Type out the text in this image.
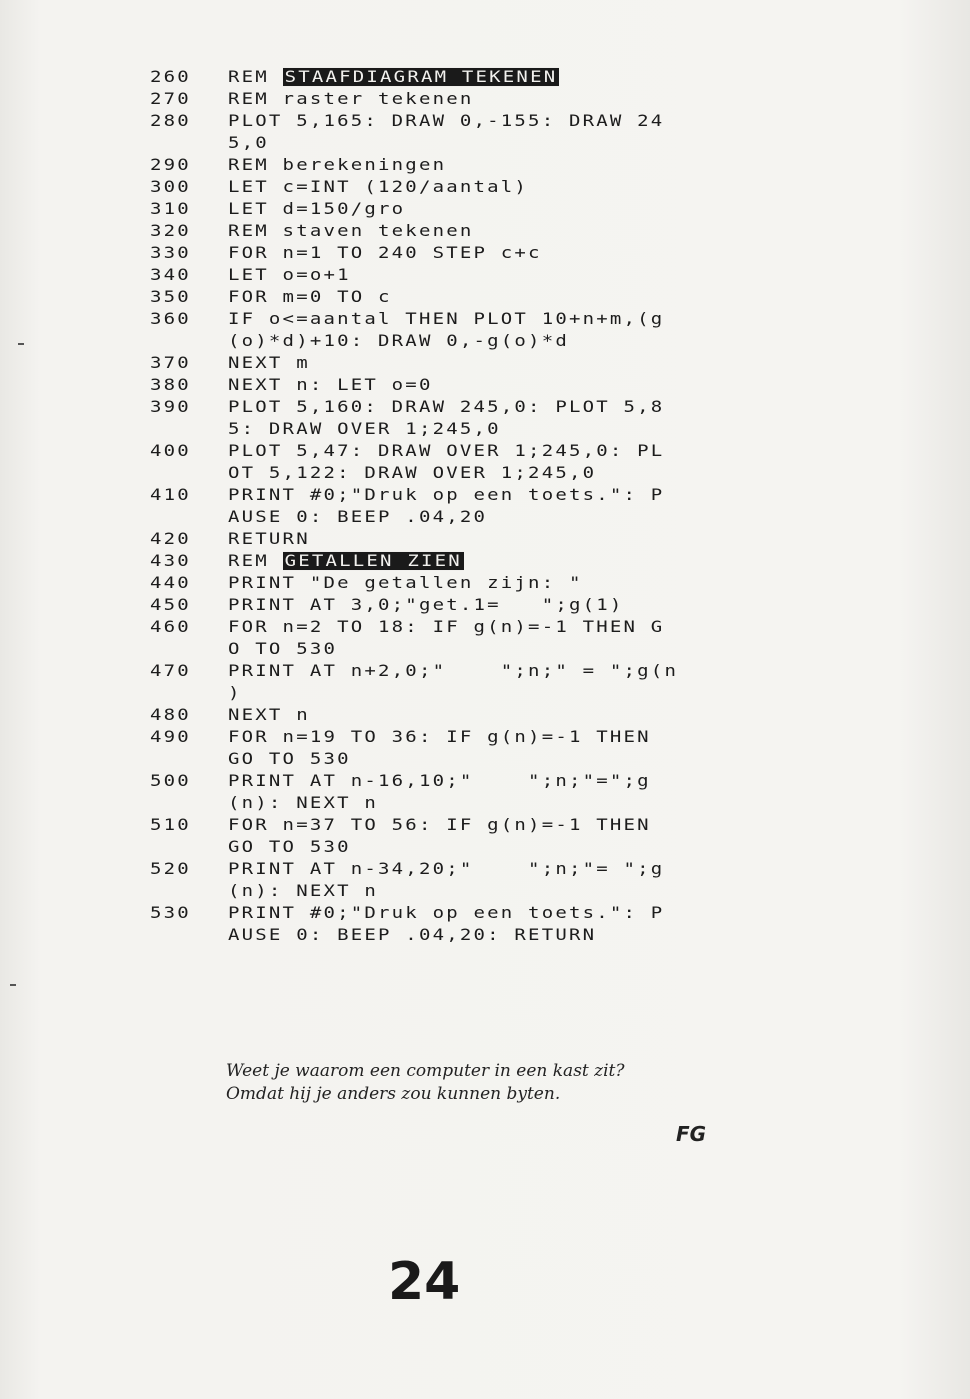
260 REM STAAFDIAGRAM TEKENEN
270 REM raster tekenen
280 PLOT 5,165: DRAW 0,-155: DRAW 24
5,0
290 REM berekeningen
300 LET c=INT (120/aantal)
310 LET d=150/gro
320 REM staven tekenen
330 FOR n=1 TO 240 STEP c+c
340 LET o=o+1
350 FOR m=0 TO c
360 IF o<=aantal THEN PLOT 10+n+m,(g
(o)*d)+10: DRAW 0,-g(o)*d
370 NEXT m
380 NEXT n: LET o=0
390 PLOT 5,160: DRAW 245,0: PLOT 5,8
5: DRAW OVER 1;245,0
400 PLOT 5,47: DRAW OVER 1;245,0: PL
OT 5,122: DRAW OVER 1;245,0
410 PRINT #0;"Druk op een toets.": P
AUSE 0: BEEP .04,20
420 RETURN
430 REM GETALLEN ZIEN
440 PRINT "De getallen zijn: "
450 PRINT AT 3,0;"get.1=   ";g(1)
460 FOR n=2 TO 18: IF g(n)=-1 THEN G
O TO 530
470 PRINT AT n+2,0;"    ";n;" = ";g(n
)
480 NEXT n
490 FOR n=19 TO 36: IF g(n)=-1 THEN
GO TO 530
500 PRINT AT n-16,10;"    ";n;"=";g
(n): NEXT n
510 FOR n=37 TO 56: IF g(n)=-1 THEN
GO TO 530
520 PRINT AT n-34,20;"    ";n;"= ";g
(n): NEXT n
530 PRINT #0;"Druk op een toets.": P
AUSE 0: BEEP .04,20: RETURN
Weet je waarom een computer in een kast zit?
Omdat hij je anders zou kunnen byten.
FG
24
